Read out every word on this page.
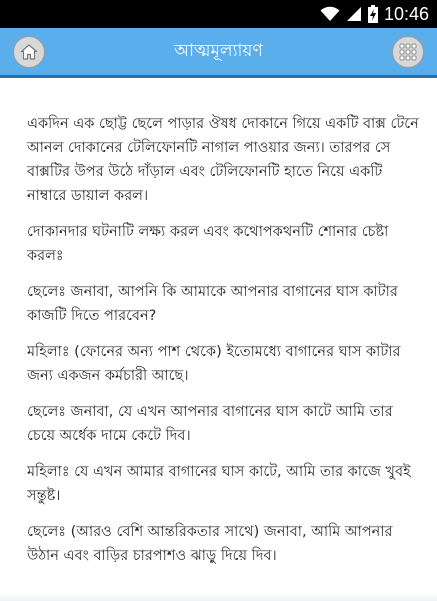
10:46
আত্মমূল্যায়ণ

একদিন এক ছোট্ট ছেলে পাড়ার ঔষধ দোকানে গিয়ে একটি বাক্স টেনে আনল দোকানের টেলিফোনটি নাগাল পাওয়ার জন্য। তারপর সে বাক্সটির উপর উঠে দাঁড়াল এবং টেলিফোনটি হাতে নিয়ে একটি নাম্বারে ডায়াল করল।

দোকানদার ঘটনাটি লক্ষ্য করল এবং কথোপকথনটি শোনার চেষ্টা করলঃ

ছেলেঃ জনাবা, আপনি কি আমাকে আপনার বাগানের ঘাস কাটার কাজটি দিতে পারবেন?

মহিলাঃ (ফোনের অন্য পাশ থেকে) ইতোমধ্যে বাগানের ঘাস কাটার জন্য একজন কর্মচারী আছে।

ছেলেঃ জনাবা, যে এখন আপনার বাগানের ঘাস কাটে আমি তার চেয়ে অর্ধেক দামে কেটে দিব।

মহিলাঃ যে এখন আমার বাগানের ঘাস কাটে, আমি তার কাজে খুবই সন্তুষ্ট।

ছেলেঃ (আরও বেশি আন্তরিকতার সাথে) জনাবা, আমি আপনার উঠান এবং বাড়ির চারপাশও ঝাড়ু দিয়ে দিব।
